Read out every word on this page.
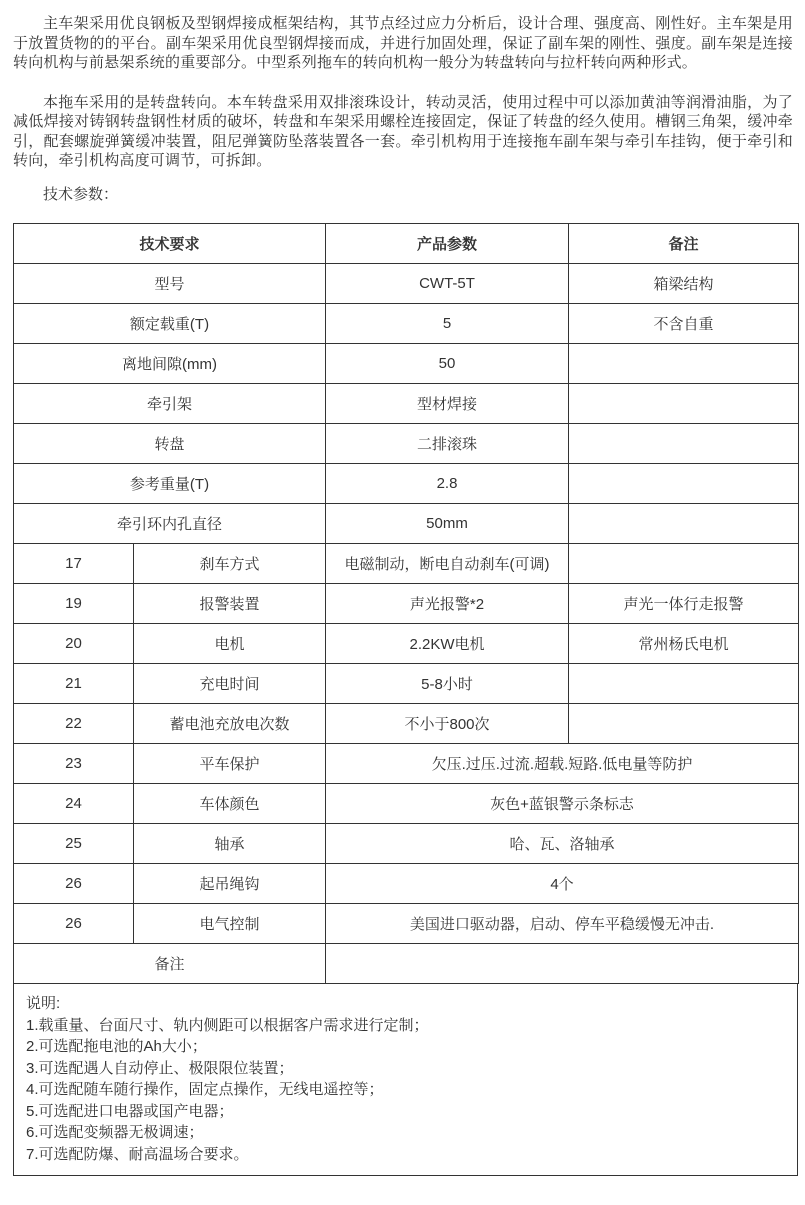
主车架采用优良钢板及型钢焊接成框架结构，其节点经过应力分析后，设计合理、强度高、刚性好。主车架是用于放置货物的的平台。副车架采用优良型钢焊接而成，并进行加固处理，保证了副车架的刚性、强度。副车架是连接转向机构与前悬架系统的重要部分。中型系列拖车的转向机构一般分为转盘转向与拉杆转向两种形式。

本拖车采用的是转盘转向。本车转盘采用双排滚珠设计，转动灵活，使用过程中可以添加黄油等润滑油脂，为了减低焊接对铸钢转盘钢性材质的破坏，转盘和车架采用螺栓连接固定，保证了转盘的经久使用。槽钢三角架，缓冲牵引，配套螺旋弹簧缓冲装置，阻尼弹簧防坠落装置各一套。牵引机构用于连接拖车副车架与牵引车挂钩，便于牵引和转向，牵引机构高度可调节，可拆卸。

技术参数：

技术要求		产品参数	备注
型号		CWT-5T	箱梁结构
额定载重(T)		5	不含自重
离地间隙(mm)		50	
牵引架		型材焊接	
转盘		二排滚珠	
参考重量(T)		2.8	
牵引环内孔直径		50mm	
17	刹车方式	电磁制动，断电自动刹车(可调)	
19	报警装置	声光报警*2	声光一体行走报警
20	电机	2.2KW电机	常州杨氏电机
21	充电时间	5-8小时	
22	蓄电池充放电次数	不小于800次	
23	平车保护	欠压.过压.过流.超载.短路.低电量等防护	
24	车体颜色	灰色+蓝银警示条标志	
25	轴承	哈、瓦、洛轴承	
26	起吊绳钩	4个	
26	电气控制	美国进口驱动器，启动、停车平稳缓慢无冲击.	
备注			
说明:
1.载重量、台面尺寸、轨内侧距可以根据客户需求进行定制；
2.可选配拖电池的Ah大小；
3.可选配遇人自动停止、极限限位装置；
4.可选配随车随行操作，固定点操作，无线电遥控等；
5.可选配进口电器或国产电器；
6.可选配变频器无极调速；
7.可选配防爆、耐高温场合要求。
